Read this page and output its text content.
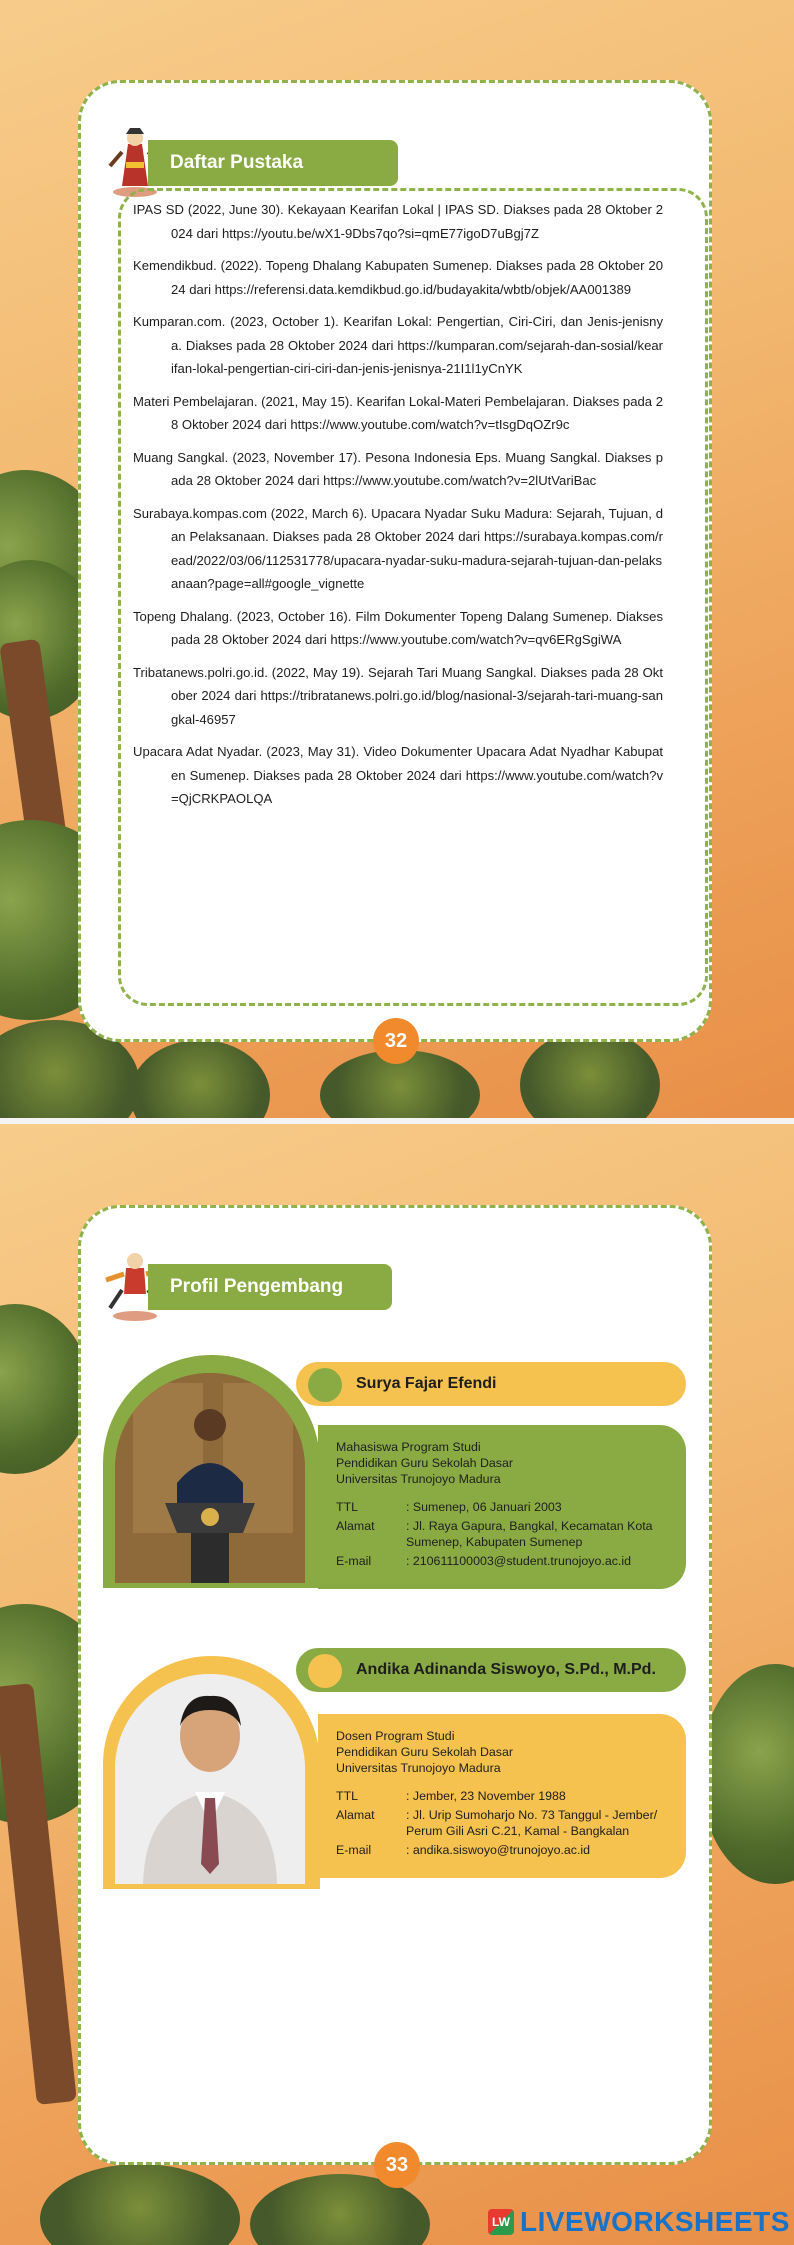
Daftar Pustaka
IPAS SD (2022, June 30). Kekayaan Kearifan Lokal | IPAS SD. Diakses pada 28 Oktober 2024 dari https://youtu.be/wX1-9Dbs7qo?si=qmE77igoD7uBgj7Z
Kemendikbud. (2022). Topeng Dhalang Kabupaten Sumenep. Diakses pada 28 Oktober 2024 dari https://referensi.data.kemdikbud.go.id/budayakita/wbtb/objek/AA001389
Kumparan.com. (2023, October 1). Kearifan Lokal: Pengertian, Ciri-Ciri, dan Jenis-jenisnya. Diakses pada 28 Oktober 2024 dari https://kumparan.com/sejarah-dan-sosial/kearifan-lokal-pengertian-ciri-ciri-dan-jenis-jenisnya-21I1l1yCnYK
Materi Pembelajaran. (2021, May 15). Kearifan Lokal-Materi Pembelajaran. Diakses pada 28 Oktober 2024 dari https://www.youtube.com/watch?v=tIsgDqOZr9c
Muang Sangkal. (2023, November 17). Pesona Indonesia Eps. Muang Sangkal. Diakses pada 28 Oktober 2024 dari https://www.youtube.com/watch?v=2lUtVariBac
Surabaya.kompas.com (2022, March 6). Upacara Nyadar Suku Madura: Sejarah, Tujuan, dan Pelaksanaan. Diakses pada 28 Oktober 2024 dari https://surabaya.kompas.com/read/2022/03/06/112531778/upacara-nyadar-suku-madura-sejarah-tujuan-dan-pelaksanaan?page=all#google_vignette
Topeng Dhalang. (2023, October 16). Film Dokumenter Topeng Dalang Sumenep. Diakses pada 28 Oktober 2024 dari https://www.youtube.com/watch?v=qv6ERgSgiWA
Tribatanews.polri.go.id. (2022, May 19). Sejarah Tari Muang Sangkal. Diakses pada 28 Oktober 2024 dari https://tribratanews.polri.go.id/blog/nasional-3/sejarah-tari-muang-sangkal-46957
Upacara Adat Nyadar. (2023, May 31). Video Dokumenter Upacara Adat Nyadhar Kabupaten Sumenep. Diakses pada 28 Oktober 2024 dari https://www.youtube.com/watch?v=QjCRKPAOLQA
32
Profil Pengembang
Surya Fajar Efendi
Mahasiswa Program Studi
Pendidikan Guru Sekolah Dasar
Universitas Trunojoyo Madura
TTL	: Sumenep, 06 Januari 2003
Alamat	: Jl. Raya Gapura, Bangkal, Kecamatan Kota Sumenep, Kabupaten Sumenep
E-mail	: 210611100003@student.trunojoyo.ac.id
Andika Adinanda Siswoyo, S.Pd., M.Pd.
Dosen Program Studi
Pendidikan Guru Sekolah Dasar
Universitas Trunojoyo Madura
TTL	: Jember, 23 November 1988
Alamat	: Jl. Urip Sumoharjo No. 73 Tanggul - Jember/ Perum Gili Asri C.21, Kamal - Bangkalan
E-mail	: andika.siswoyo@trunojoyo.ac.id
33
LW LIVEWORKSHEETS
